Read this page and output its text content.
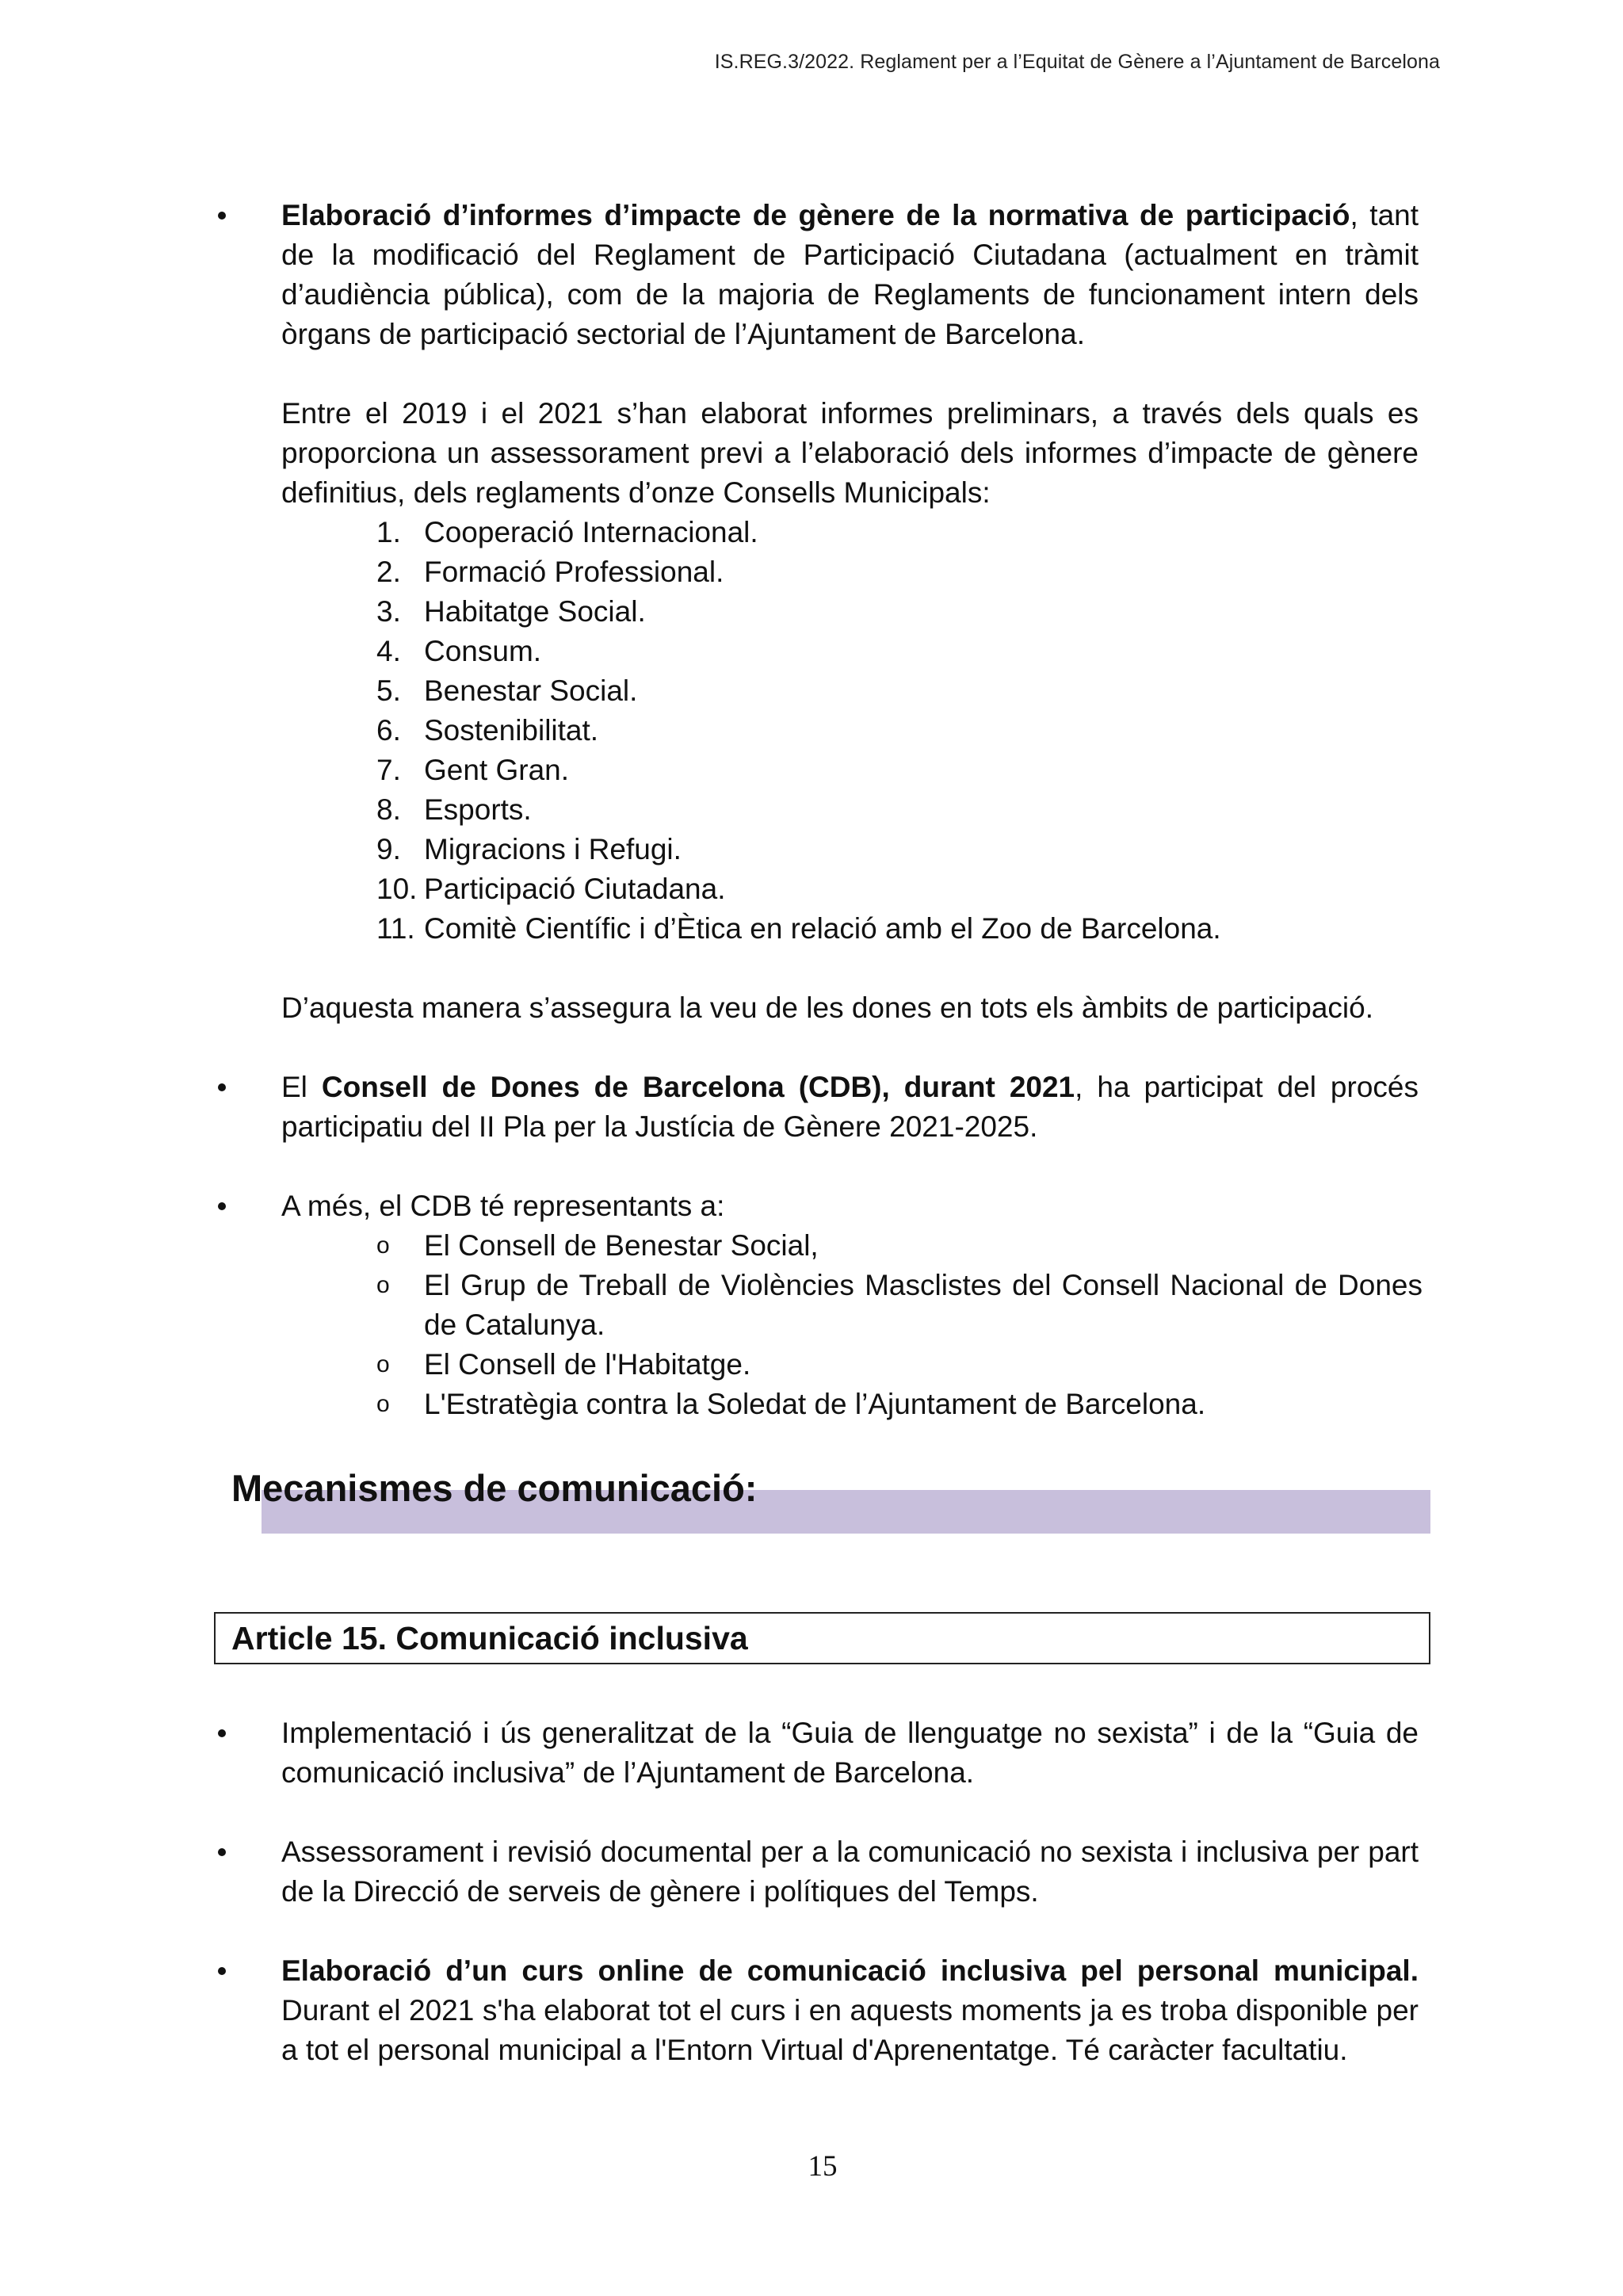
IS.REG.3/2022. Reglament per a l’Equitat de Gènere a l’Ajuntament de Barcelona

Elaboració d’informes d’impacte de gènere de la normativa de participació, tant de la modificació del Reglament de Participació Ciutadana (actualment en tràmit d’audiència pública), com de la majoria de Reglaments de funcionament intern dels òrgans de participació sectorial de l’Ajuntament de Barcelona.

Entre el 2019 i el 2021 s’han elaborat informes preliminars, a través dels quals es proporciona un assessorament previ a l’elaboració dels informes d’impacte de gènere definitius, dels reglaments d’onze Consells Municipals:

1. Cooperació Internacional.
2. Formació Professional.
3. Habitatge Social.
4. Consum.
5. Benestar Social.
6. Sostenibilitat.
7. Gent Gran.
8. Esports.
9. Migracions i Refugi.
10. Participació Ciutadana.
11. Comitè Científic i d’Ètica en relació amb el Zoo de Barcelona.
D’aquesta manera s’assegura la veu de les dones en tots els àmbits de participació.

El Consell de Dones de Barcelona (CDB), durant 2021, ha participat del procés participatiu del II Pla per la Justícia de Gènere 2021-2025.

A més, el CDB té representants a:
o El Consell de Benestar Social,
o El Grup de Treball de Violències Masclistes del Consell Nacional de Dones de Catalunya.
o El Consell de l'Habitatge.
o L'Estratègia contra la Soledat de l’Ajuntament de Barcelona.
Mecanismes de comunicació:
Article 15. Comunicació inclusiva

Implementació i ús generalitzat de la “Guia de llenguatge no sexista” i de la “Guia de comunicació inclusiva” de l’Ajuntament de Barcelona.

Assessorament i revisió documental per a la comunicació no sexista i inclusiva per part de la Direcció de serveis de gènere i polítiques del Temps.

Elaboració d’un curs online de comunicació inclusiva pel personal municipal. Durant el 2021 s'ha elaborat tot el curs i en aquests moments ja es troba disponible per a tot el personal municipal a l'Entorn Virtual d'Aprenentatge. Té caràcter facultatiu.

15
